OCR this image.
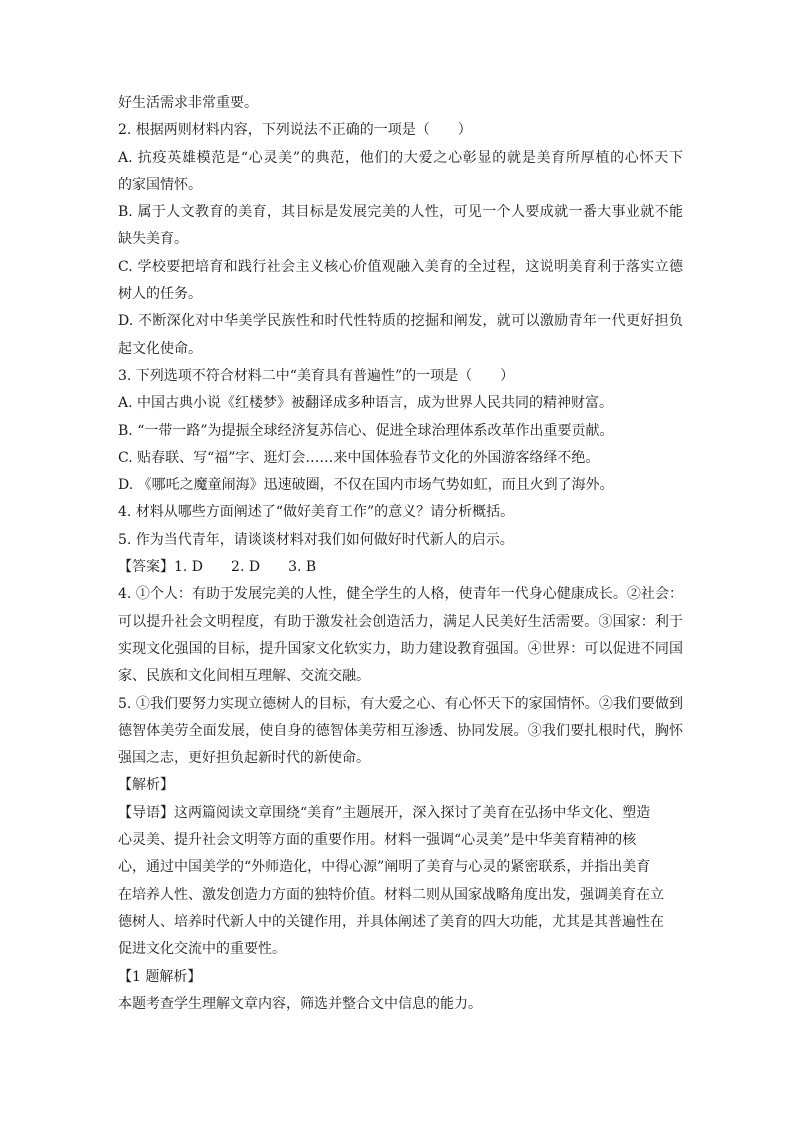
好生活需求非常重要。
2. 根据两则材料内容，下列说法不正确的一项是（　　）
A. 抗疫英雄模范是“心灵美”的典范，他们的大爱之心彰显的就是美育所厚植的心怀天下
的家国情怀。
B. 属于人文教育的美育，其目标是发展完美的人性，可见一个人要成就一番大事业就不能
缺失美育。
C. 学校要把培育和践行社会主义核心价值观融入美育的全过程，这说明美育利于落实立德
树人的任务。
D. 不断深化对中华美学民族性和时代性特质的挖掘和阐发，就可以激励青年一代更好担负
起文化使命。
3. 下列选项不符合材料二中“美育具有普遍性”的一项是（　　）
A. 中国古典小说《红楼梦》被翻译成多种语言，成为世界人民共同的精神财富。
B. “一带一路”为提振全球经济复苏信心、促进全球治理体系改革作出重要贡献。
C. 贴春联、写“福”字、逛灯会……来中国体验春节文化的外国游客络绎不绝。
D. 《哪吒之魔童闹海》迅速破圈，不仅在国内市场气势如虹，而且火到了海外。
4. 材料从哪些方面阐述了“做好美育工作”的意义？请分析概括。
5. 作为当代青年，请谈谈材料对我们如何做好时代新人的启示。
【答案】1. D　　2. D　　3. B
4. ①个人：有助于发展完美的人性，健全学生的人格，使青年一代身心健康成长。②社会：
可以提升社会文明程度，有助于激发社会创造活力，满足人民美好生活需要。③国家：利于
实现文化强国的目标，提升国家文化软实力，助力建设教育强国。④世界：可以促进不同国
家、民族和文化间相互理解、交流交融。
5. ①我们要努力实现立德树人的目标，有大爱之心、有心怀天下的家国情怀。②我们要做到
德智体美劳全面发展，使自身的德智体美劳相互渗透、协同发展。③我们要扎根时代，胸怀
强国之志，更好担负起新时代的新使命。
【解析】
【导语】这两篇阅读文章围绕“美育”主题展开，深入探讨了美育在弘扬中华文化、塑造
心灵美、提升社会文明等方面的重要作用。材料一强调“心灵美”是中华美育精神的核
心，通过中国美学的“外师造化，中得心源”阐明了美育与心灵的紧密联系，并指出美育
在培养人性、激发创造力方面的独特价值。材料二则从国家战略角度出发，强调美育在立
德树人、培养时代新人中的关键作用，并具体阐述了美育的四大功能，尤其是其普遍性在
促进文化交流中的重要性。
【1 题解析】
本题考查学生理解文章内容，筛选并整合文中信息的能力。
